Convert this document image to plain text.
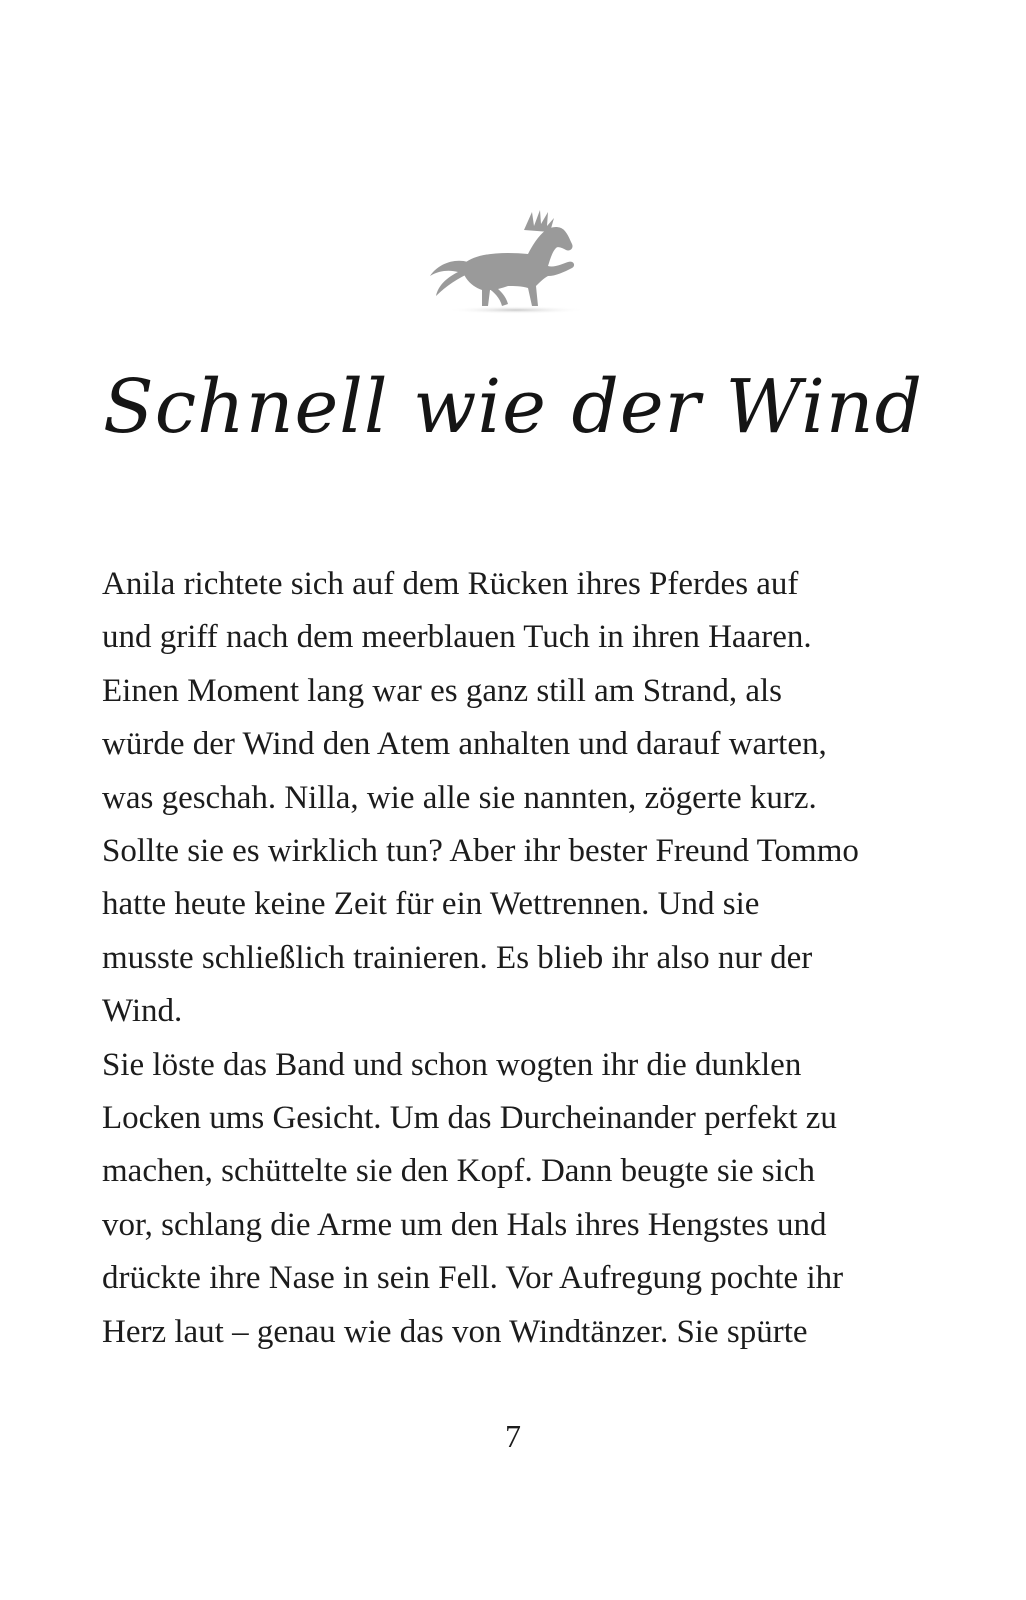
Schnell wie der Wind
Anila richtete sich auf dem Rücken ihres Pferdes auf
und griff nach dem meerblauen Tuch in ihren Haaren.
Einen Moment lang war es ganz still am Strand, als
würde der Wind den Atem anhalten und darauf warten,
was geschah. Nilla, wie alle sie nannten, zögerte kurz.
Sollte sie es wirklich tun? Aber ihr bester Freund Tommo
hatte heute keine Zeit für ein Wettrennen. Und sie
musste schließlich trainieren. Es blieb ihr also nur der
Wind.
Sie löste das Band und schon wogten ihr die dunklen
Locken ums Gesicht. Um das Durcheinander perfekt zu
machen, schüttelte sie den Kopf. Dann beugte sie sich
vor, schlang die Arme um den Hals ihres Hengstes und
drückte ihre Nase in sein Fell. Vor Aufregung pochte ihr
Herz laut – genau wie das von Windtänzer. Sie spürte
7
